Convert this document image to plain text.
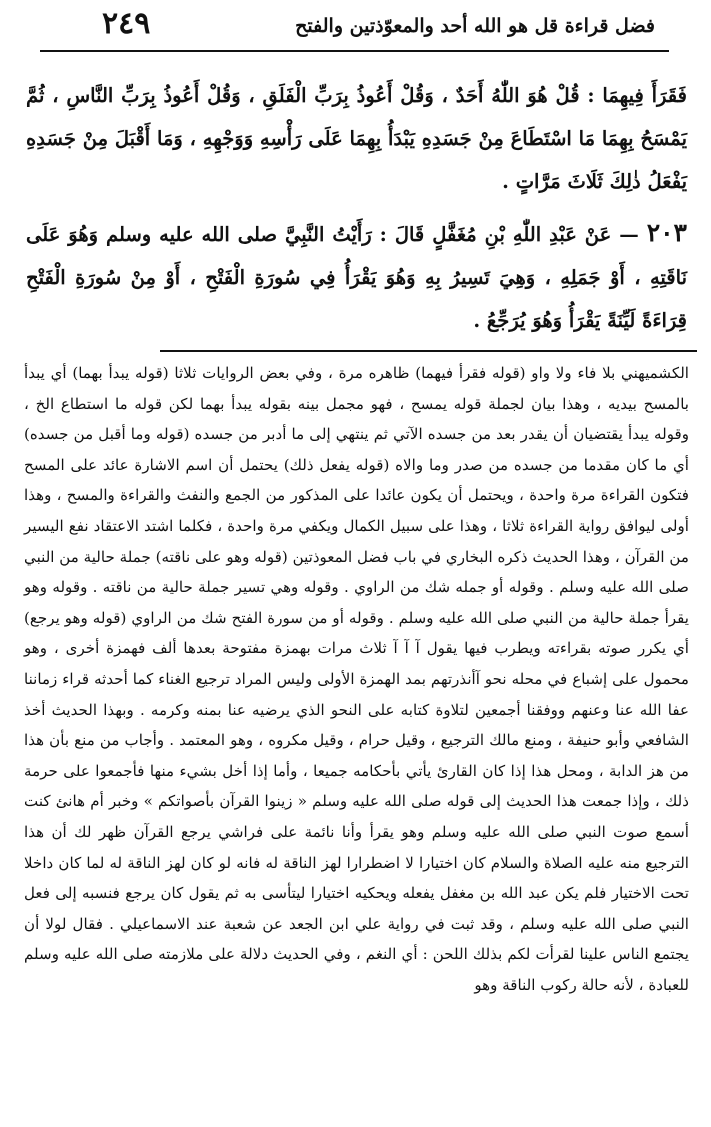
٢٤٩	فضل قراءة قل هو الله أحد والمعوّذتين والفتح
فَقَرَأَ فِيهِمَا : قُلْ هُوَ اللّٰهُ أَحَدٌ ، وَقُلْ أَعُوذُ بِرَبِّ الْفَلَقِ ، وَقُلْ أَعُوذُ بِرَبِّ النَّاسِ ، ثُمَّ يَمْسَحُ بِهِمَا مَا اسْتَطَاعَ مِنْ جَسَدِهِ يَبْدَأُ بِهِمَا عَلَى رَأْسِهِ وَوَجْهِهِ ، وَمَا أَقْبَلَ مِنْ جَسَدِهِ يَفْعَلُ ذٰلِكَ ثَلَاثَ مَرَّاتٍ .
٢٠٣ — عَنْ عَبْدِ اللّٰهِ بْنِ مُغَفَّلٍ قَالَ : رَأَيْتُ النَّبِيَّ صلى الله عليه وسلم وَهُوَ عَلَى نَاقَتِهِ ، أَوْ جَمَلِهِ ، وَهِيَ تَسِيرُ بِهِ وَهُوَ يَقْرَأُ فِي سُورَةِ الْفَتْحِ ، أَوْ مِنْ سُورَةِ الْفَتْحِ قِرَاءَةً لَيِّنَةً يَقْرَأُ وَهُوَ يُرَجِّعُ .
الكشميهني بلا فاء ولا واو (قوله فقرأ فيهما) ظاهره مرة ، وفي بعض الروايات ثلاثا (قوله يبدأ بهما) أي يبدأ بالمسح بيديه ، وهذا بيان لجملة قوله يمسح ، فهو مجمل بينه بقوله يبدأ بهما لكن قوله ما استطاع الخ ، وقوله يبدأ يقتضيان أن يقدر بعد من جسده الآتي ثم ينتهي إلى ما أدبر من جسده (قوله وما أقبل من جسده) أي ما كان مقدما من جسده من صدر وما والاه (قوله يفعل ذلك) يحتمل أن اسم الاشارة عائد على المسح فتكون القراءة مرة واحدة ، ويحتمل أن يكون عائدا على المذكور من الجمع والنفث والقراءة والمسح ، وهذا أولى ليوافق رواية القراءة ثلاثا ، وهذا على سبيل الكمال ويكفي مرة واحدة ، فكلما اشتد الاعتقاد نفع اليسير من القرآن ، وهذا الحديث ذكره البخاري في باب فضل المعوذتين (قوله وهو على ناقته) جملة حالية من النبي صلى الله عليه وسلم . وقوله أو جمله شك من الراوي . وقوله وهي تسير جملة حالية من ناقته . وقوله وهو يقرأ جملة حالية من النبي صلى الله عليه وسلم . وقوله أو من سورة الفتح شك من الراوي (قوله وهو يرجع) أي يكرر صوته بقراءته ويطرب فيها يقول آ آ آ ثلاث مرات بهمزة مفتوحة بعدها ألف فهمزة أخرى ، وهو محمول على إشباع في محله نحو آأنذرتهم بمد الهمزة الأولى وليس المراد ترجيع الغناء كما أحدثه قراء زماننا عفا الله عنا وعنهم ووفقنا أجمعين لتلاوة كتابه على النحو الذي يرضيه عنا بمنه وكرمه . وبهذا الحديث أخذ الشافعي وأبو حنيفة ، ومنع مالك الترجيع ، وقيل حرام ، وقيل مكروه ، وهو المعتمد . وأجاب من منع بأن هذا من هز الدابة ، ومحل هذا إذا كان القارئ يأتي بأحكامه جميعا ، وأما إذا أخل بشيء منها فأجمعوا على حرمة ذلك ، وإذا جمعت هذا الحديث إلى قوله صلى الله عليه وسلم « زينوا القرآن بأصواتكم » وخبر أم هانئ كنت أسمع صوت النبي صلى الله عليه وسلم وهو يقرأ وأنا نائمة على فراشي يرجع القرآن ظهر لك أن هذا الترجيع منه عليه الصلاة والسلام كان اختيارا لا اضطرارا لهز الناقة له فانه لو كان لهز الناقة له لما كان داخلا تحت الاختيار فلم يكن عبد الله بن مغفل يفعله ويحكيه اختيارا ليتأسى به ثم يقول كان يرجع فنسبه إلى فعل النبي صلى الله عليه وسلم ، وقد ثبت في رواية علي ابن الجعد عن شعبة عند الاسماعيلي . فقال لولا أن يجتمع الناس علينا لقرأت لكم بذلك اللحن : أي النغم ، وفي الحديث دلالة على ملازمته صلى الله عليه وسلم للعبادة ، لأنه حالة ركوب الناقة وهو
